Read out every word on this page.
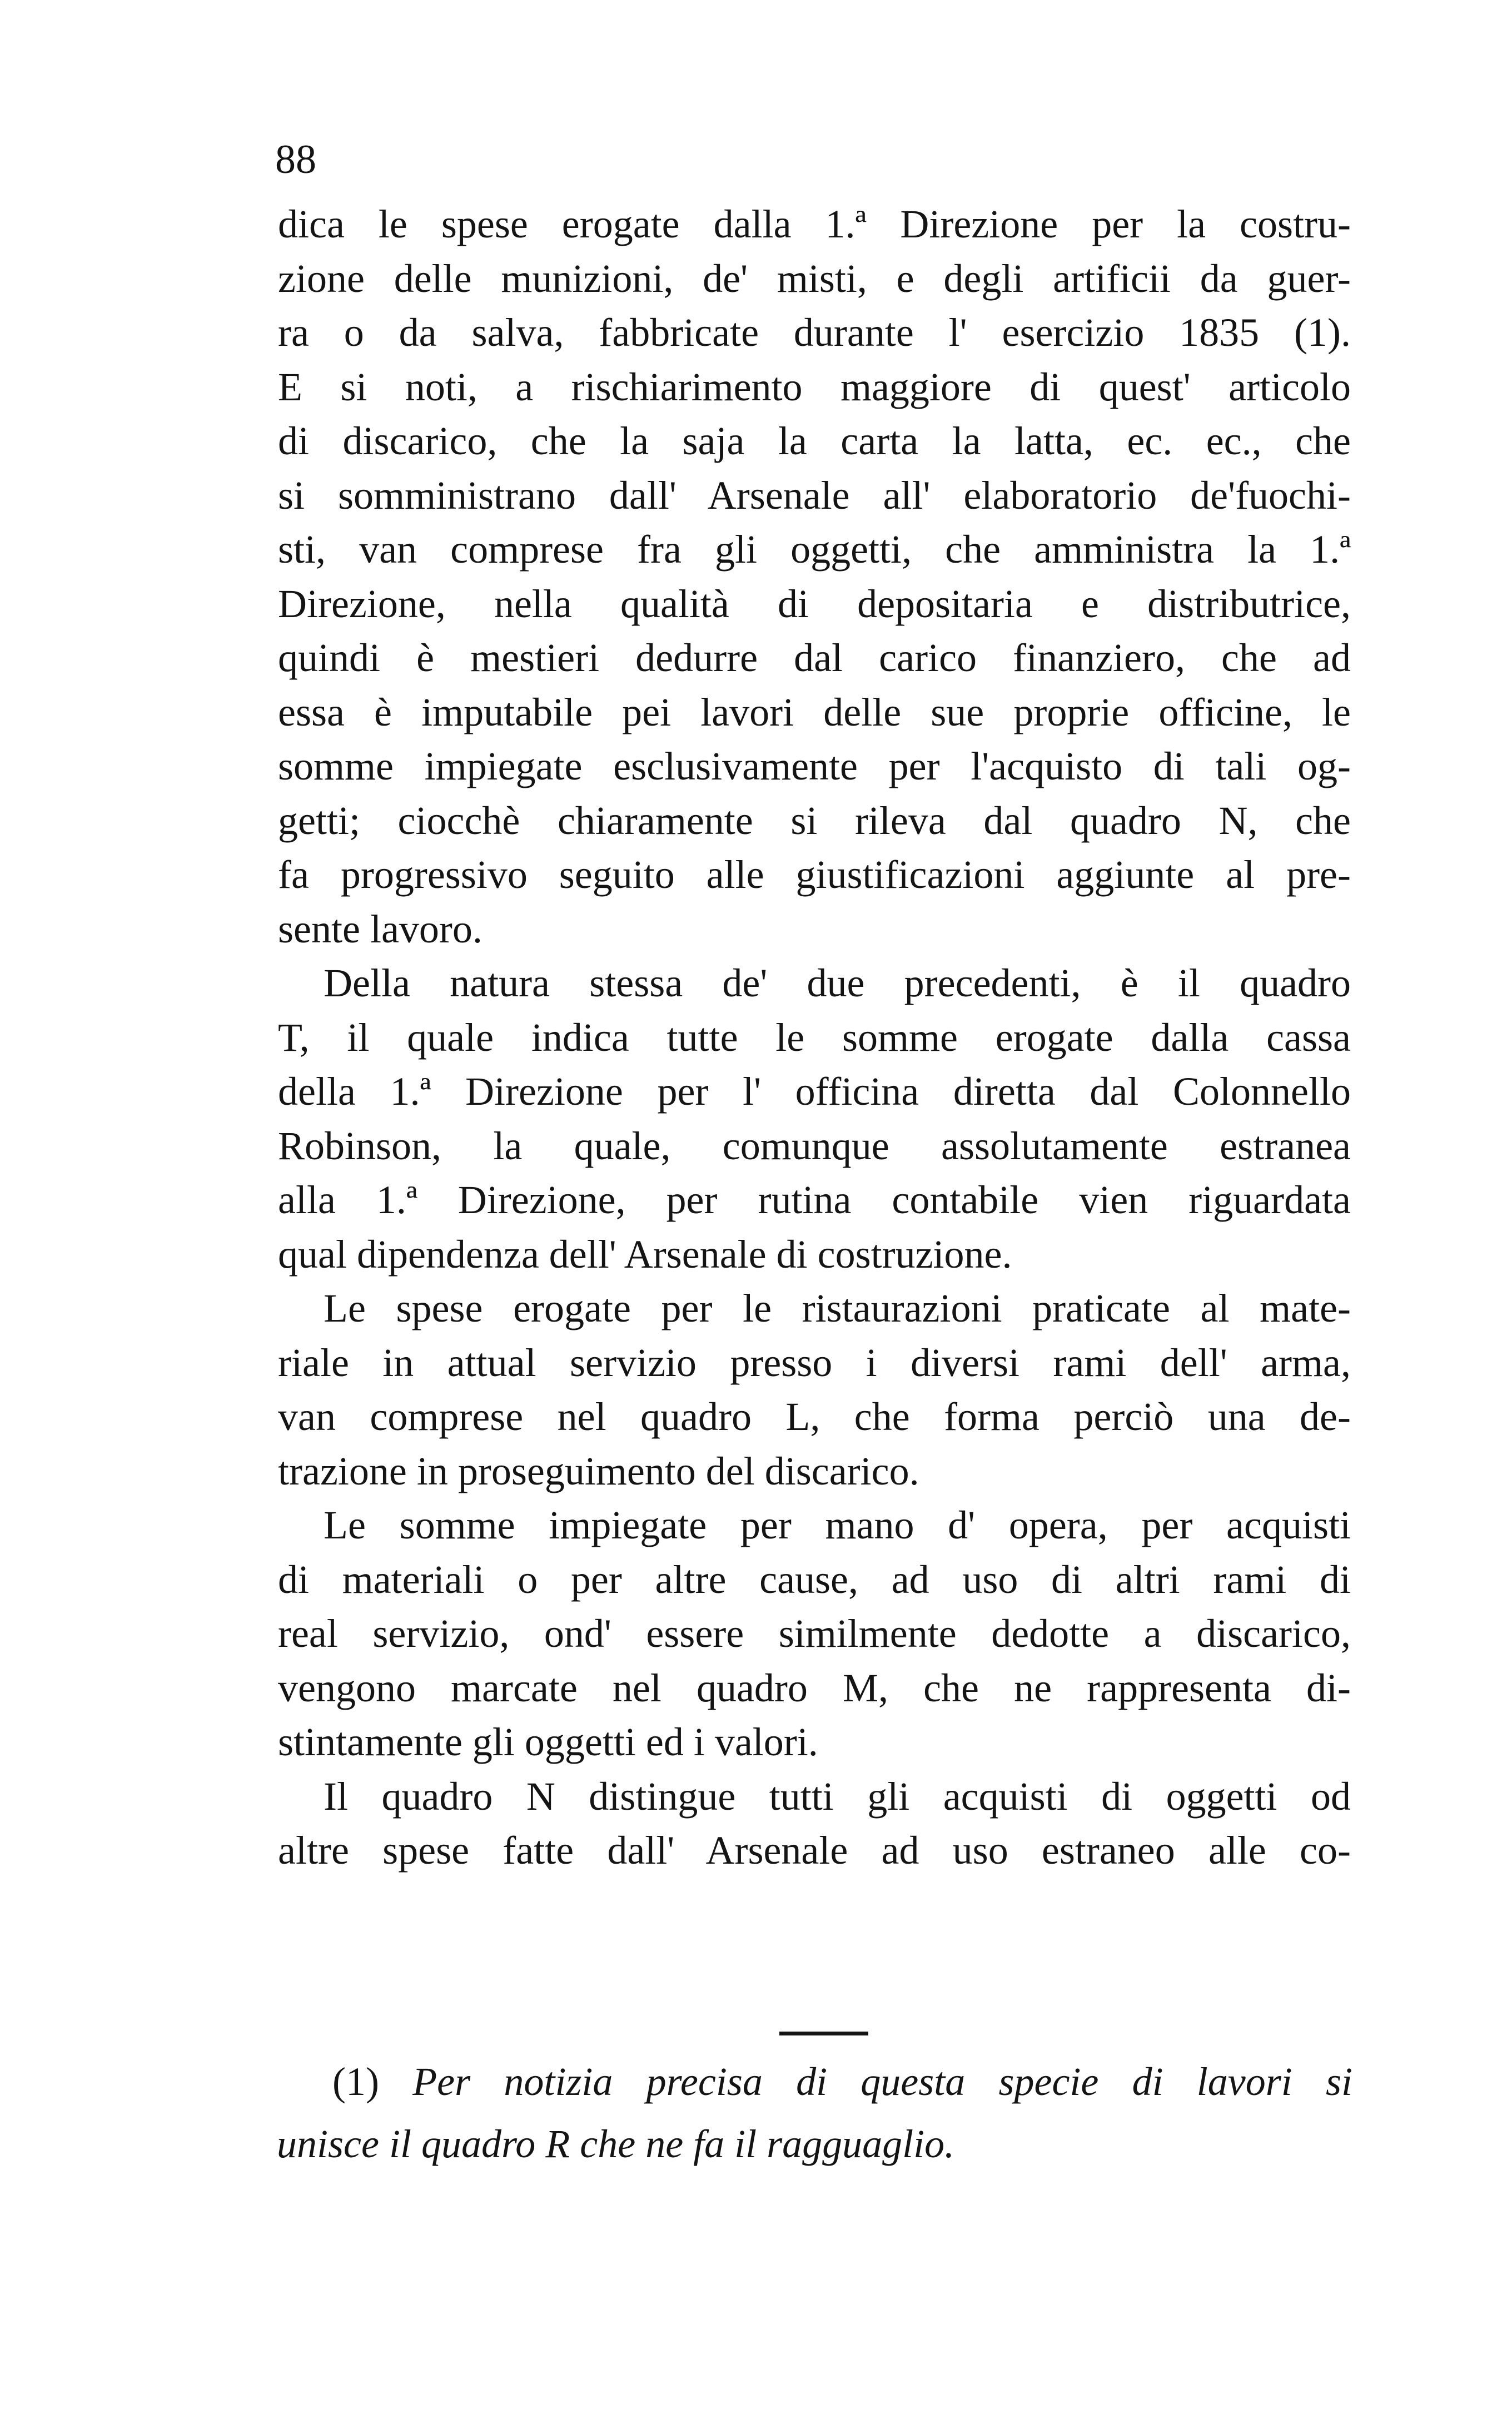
88
dica le spese erogate dalla 1.ª Direzione per la costru-
zione delle munizioni, de' misti, e degli artificii da guer-
ra o da salva, fabbricate durante l' esercizio 1835 (1).
E si noti, a rischiarimento maggiore di quest' articolo
di discarico, che la saja la carta la latta, ec. ec., che
si somministrano dall' Arsenale all' elaboratorio de'fuochi-
sti, van comprese fra gli oggetti, che amministra la 1.ª
Direzione, nella qualità di depositaria e distributrice,
quindi è mestieri dedurre dal carico finanziero, che ad
essa è imputabile pei lavori delle sue proprie officine, le
somme impiegate esclusivamente per l'acquisto di tali og-
getti; ciocchè chiaramente si rileva dal quadro N, che
fa progressivo seguito alle giustificazioni aggiunte al pre-
sente lavoro.
Della natura stessa de' due precedenti, è il quadro
T, il quale indica tutte le somme erogate dalla cassa
della 1.ª Direzione per l' officina diretta dal Colonnello
Robinson, la quale, comunque assolutamente estranea
alla 1.ª Direzione, per rutina contabile vien riguardata
qual dipendenza dell' Arsenale di costruzione.
Le spese erogate per le ristaurazioni praticate al mate-
riale in attual servizio presso i diversi rami dell' arma,
van comprese nel quadro L, che forma perciò una de-
trazione in proseguimento del discarico.
Le somme impiegate per mano d' opera, per acquisti
di materiali o per altre cause, ad uso di altri rami di
real servizio, ond' essere similmente dedotte a discarico,
vengono marcate nel quadro M, che ne rappresenta di-
stintamente gli oggetti ed i valori.
Il quadro N distingue tutti gli acquisti di oggetti od
altre spese fatte dall' Arsenale ad uso estraneo alle co-
(1) Per notizia precisa di questa specie di lavori si
unisce il quadro R che ne fa il ragguaglio.
